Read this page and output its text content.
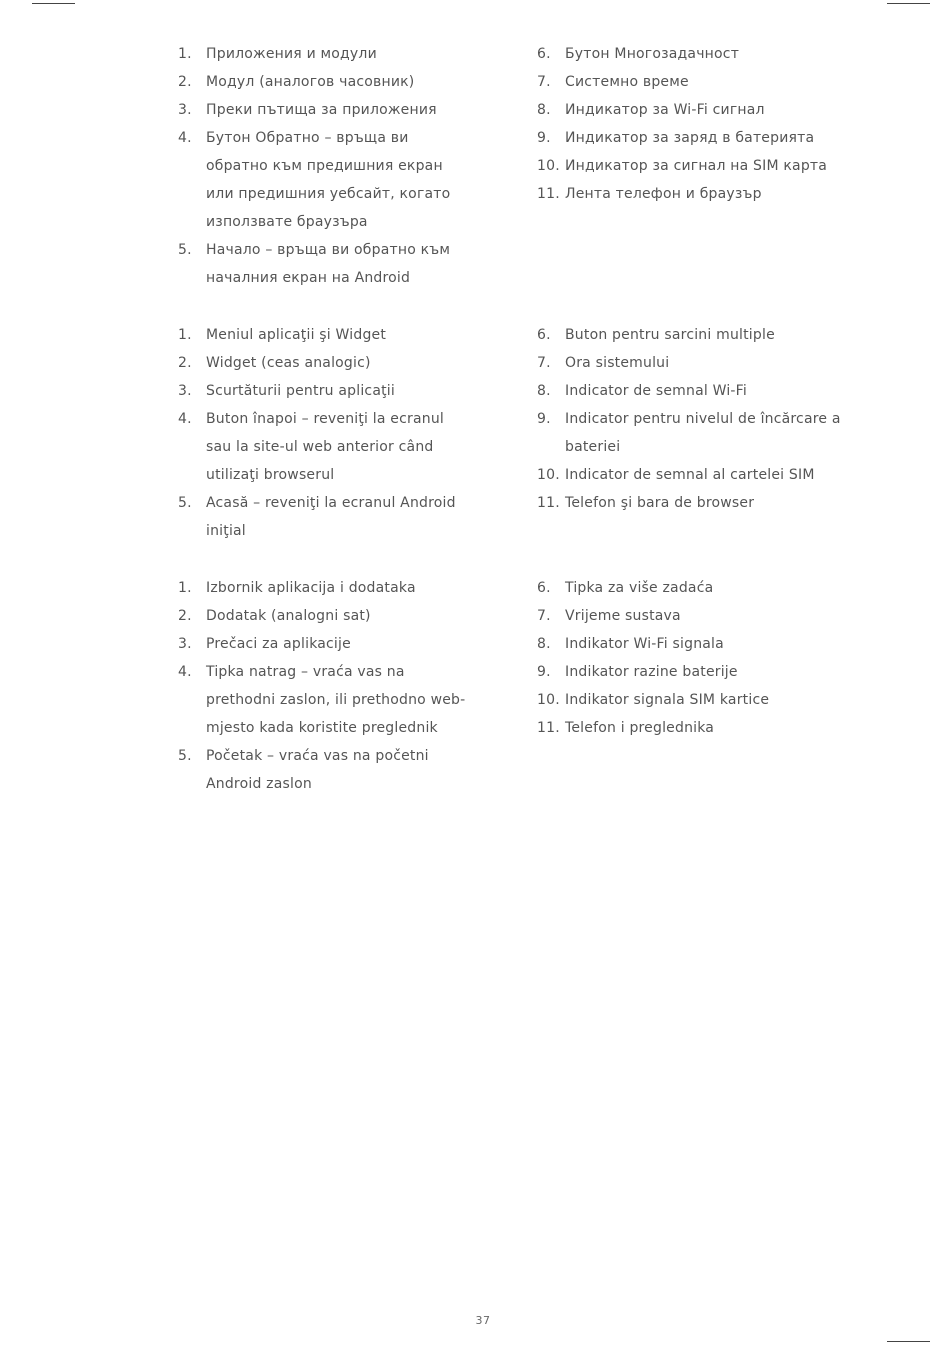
1.	Приложения и модули
2.	Модул (аналогов часовник)
3.	Преки пътища за приложения
4.	Бутон Обратно – връща ви обратно към предишния екран или предишния уебсайт, когато използвате браузъра
5.	Начало – връща ви обратно към началния екран на Android
6.	Бутон Многозадачност
7.	Системно време
8.	Индикатор за Wi-Fi сигнал
9.	Индикатор за заряд в батерията
10. Индикатор за сигнал на SIM карта
11. Лента телефон и браузър
1.	Meniul aplicaţii şi Widget
2.	Widget (ceas analogic)
3.	Scurtăturii pentru aplicaţii
4.	Buton înapoi – reveniţi la ecranul sau la site-ul web anterior când utilizaţi browserul
5.	Acasă – reveniţi la ecranul Android iniţial
6.	Buton pentru sarcini multiple
7.	Ora sistemului
8.	Indicator de semnal Wi-Fi
9.	Indicator pentru nivelul de încărcare a bateriei
10. Indicator de semnal al cartelei SIM
11. Telefon şi bara de browser
1.	Izbornik aplikacija i dodataka
2.	Dodatak (analogni sat)
3.	Prečaci za aplikacije
4.	Tipka natrag – vraća vas na prethodni zaslon, ili prethodno web-mjesto kada koristite preglednik
5.	Početak – vraća vas na početni Android zaslon
6.	Tipka za više zadaća
7.	Vrijeme sustava
8.	Indikator Wi-Fi signala
9.	Indikator razine baterije
10. Indikator signala SIM kartice
11. Telefon i preglednika
37
